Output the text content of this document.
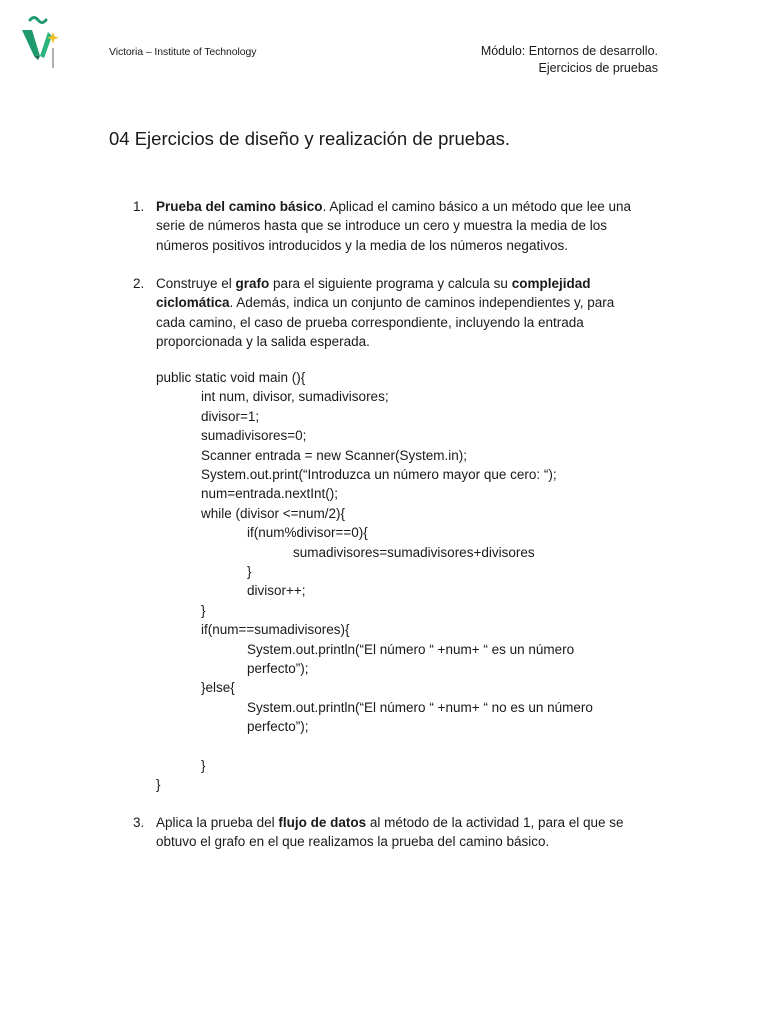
Victoria – Institute of Technology	Módulo: Entornos de desarrollo.
Ejercicios de pruebas
04 Ejercicios de diseño y realización de pruebas.
1. Prueba del camino básico. Aplicad el camino básico a un método que lee una serie de números hasta que se introduce un cero y muestra la media de los números positivos introducidos y la media de los números negativos.
2. Construye el grafo para el siguiente programa y calcula su complejidad ciclomática. Además, indica un conjunto de caminos independientes y, para cada camino, el caso de prueba correspondiente, incluyendo la entrada proporcionada y la salida esperada.
public static void main (){
int num, divisor, sumadivisores;
divisor=1;
sumadivisores=0;
Scanner entrada = new Scanner(System.in);
System.out.print(“Introduzca un número mayor que cero: “);
num=entrada.nextInt();
while (divisor <=num/2){
if(num%divisor==0){
sumadivisores=sumadivisores+divisores
}
divisor++;
}
if(num==sumadivisores){
System.out.println(“El número “ +num+ “ es un número
perfecto”);
}else{
System.out.println(“El número “ +num+ “ no es un número
perfecto”);
}
}
3. Aplica la prueba del flujo de datos al método de la actividad 1, para el que se obtuvo el grafo en el que realizamos la prueba del camino básico.
